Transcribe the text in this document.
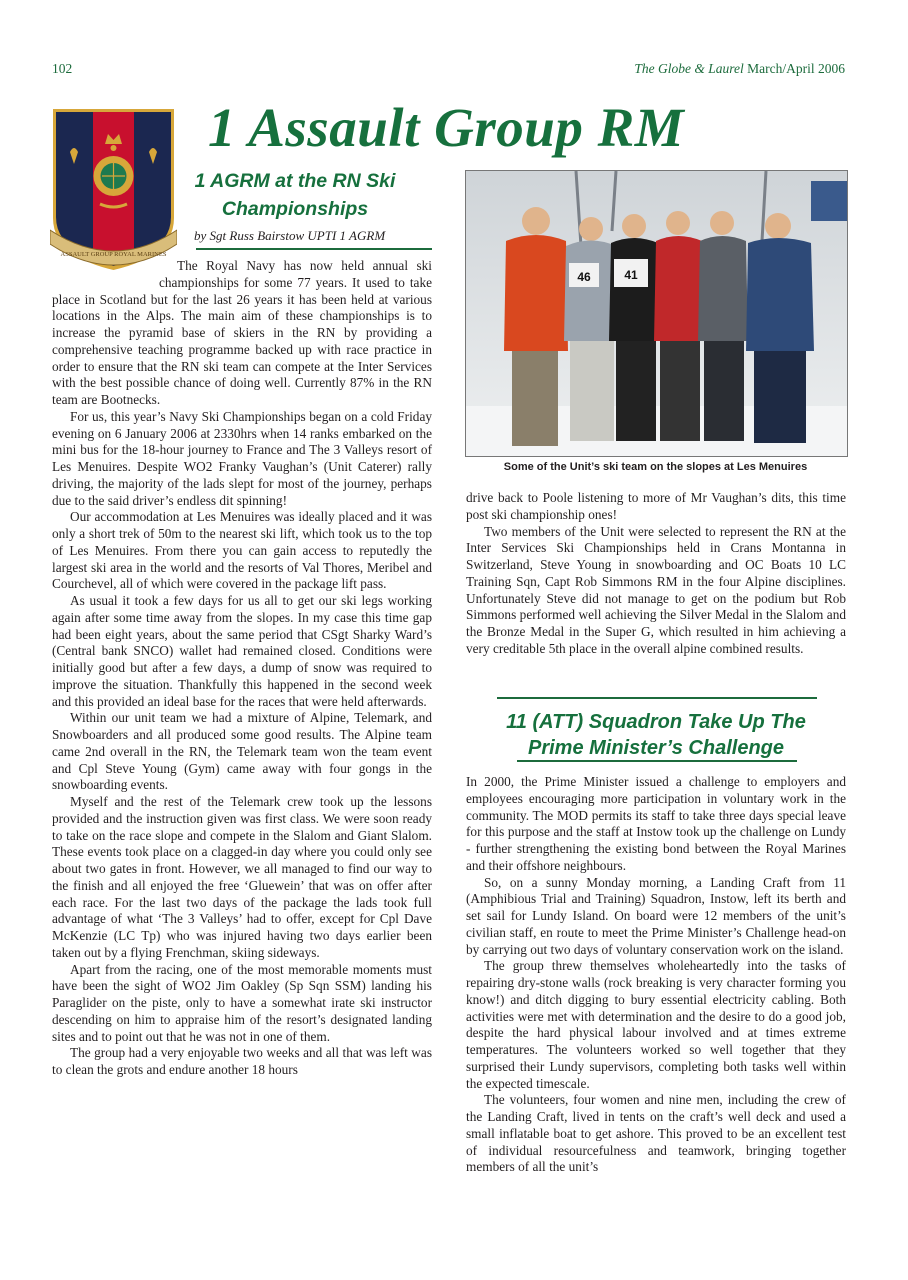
102	The Globe & Laurel March/April 2006
ASSAULT GROUP ROYAL MARINES
1 Assault Group RM
1 AGRM at the RN Ski
Championships
by Sgt Russ Bairstow UPTI 1 AGRM

The Royal Navy has now held annual ski championships for some 77 years. It used to take place in Scotland but for the last 26 years it has been held at various locations in the Alps. The main aim of these championships is to increase the pyramid base of skiers in the RN by providing a comprehensive teaching programme backed up with race practice in order to ensure that the RN ski team can compete at the Inter Services with the best possible chance of doing well. Currently 87% in the RN team are Bootnecks.

For us, this year’s Navy Ski Championships began on a cold Friday evening on 6 January 2006 at 2330hrs when 14 ranks embarked on the mini bus for the 18-hour journey to France and The 3 Valleys resort of Les Menuires. Despite WO2 Franky Vaughan’s (Unit Caterer) rally driving, the majority of the lads slept for most of the journey, perhaps due to the said driver’s endless dit spinning!

Our accommodation at Les Menuires was ideally placed and it was only a short trek of 50m to the nearest ski lift, which took us to the top of Les Menuires. From there you can gain access to reputedly the largest ski area in the world and the resorts of Val Thores, Meribel and Courchevel, all of which were covered in the package lift pass.

As usual it took a few days for us all to get our ski legs working again after some time away from the slopes. In my case this time gap had been eight years, about the same period that CSgt Sharky Ward’s (Central bank SNCO) wallet had remained closed. Conditions were initially good but after a few days, a dump of snow was required to improve the situation. Thankfully this happened in the second week and this provided an ideal base for the races that were held afterwards.

Within our unit team we had a mixture of Alpine, Telemark, and Snowboarders and all produced some good results. The Alpine team came 2nd overall in the RN, the Telemark team won the team event and Cpl Steve Young (Gym) came away with four gongs in the snowboarding events.

Myself and the rest of the Telemark crew took up the lessons provided and the instruction given was first class. We were soon ready to take on the race slope and compete in the Slalom and Giant Slalom. These events took place on a clagged-in day where you could only see about two gates in front. However, we all managed to find our way to the finish and all enjoyed the free ‘Gluewein’ that was on offer after each race. For the last two days of the package the lads took full advantage of what ‘The 3 Valleys’ had to offer, except for Cpl Dave McKenzie (LC Tp) who was injured having two days earlier been taken out by a flying Frenchman, skiing sideways.

Apart from the racing, one of the most memorable moments must have been the sight of WO2 Jim Oakley (Sp Sqn SSM) landing his Paraglider on the piste, only to have a somewhat irate ski instructor descending on him to appraise him of the resort’s designated landing sites and to point out that he was not in one of them.

The group had a very enjoyable two weeks and all that was left was to clean the grots and endure another 18 hours

46	41
Some of the Unit’s ski team on the slopes at Les Menuires

drive back to Poole listening to more of Mr Vaughan’s dits, this time post ski championship ones!

Two members of the Unit were selected to represent the RN at the Inter Services Ski Championships held in Crans Montanna in Switzerland, Steve Young in snowboarding and OC Boats 10 LC Training Sqn, Capt Rob Simmons RM in the four Alpine disciplines. Unfortunately Steve did not manage to get on the podium but Rob Simmons performed well achieving the Silver Medal in the Slalom and the Bronze Medal in the Super G, which resulted in him achieving a very creditable 5th place in the overall alpine combined results.

11 (ATT) Squadron Take Up The
Prime Minister’s Challenge

In 2000, the Prime Minister issued a challenge to employers and employees encouraging more participation in voluntary work in the community. The MOD permits its staff to take three days special leave for this purpose and the staff at Instow took up the challenge on Lundy - further strengthening the existing bond between the Royal Marines and their offshore neighbours.

So, on a sunny Monday morning, a Landing Craft from 11 (Amphibious Trial and Training) Squadron, Instow, left its berth and set sail for Lundy Island. On board were 12 members of the unit’s civilian staff, en route to meet the Prime Minister’s Challenge head-on by carrying out two days of voluntary conservation work on the island.

The group threw themselves wholeheartedly into the tasks of repairing dry-stone walls (rock breaking is very character forming you know!) and ditch digging to bury essential electricity cabling. Both activities were met with determination and the desire to do a good job, despite the hard physical labour involved and at times extreme temperatures. The volunteers worked so well together that they surprised their Lundy supervisors, completing both tasks well within the expected timescale.

The volunteers, four women and nine men, including the crew of the Landing Craft, lived in tents on the craft’s well deck and used a small inflatable boat to get ashore. This proved to be an excellent test of individual resourcefulness and teamwork, bringing together members of all the unit’s
